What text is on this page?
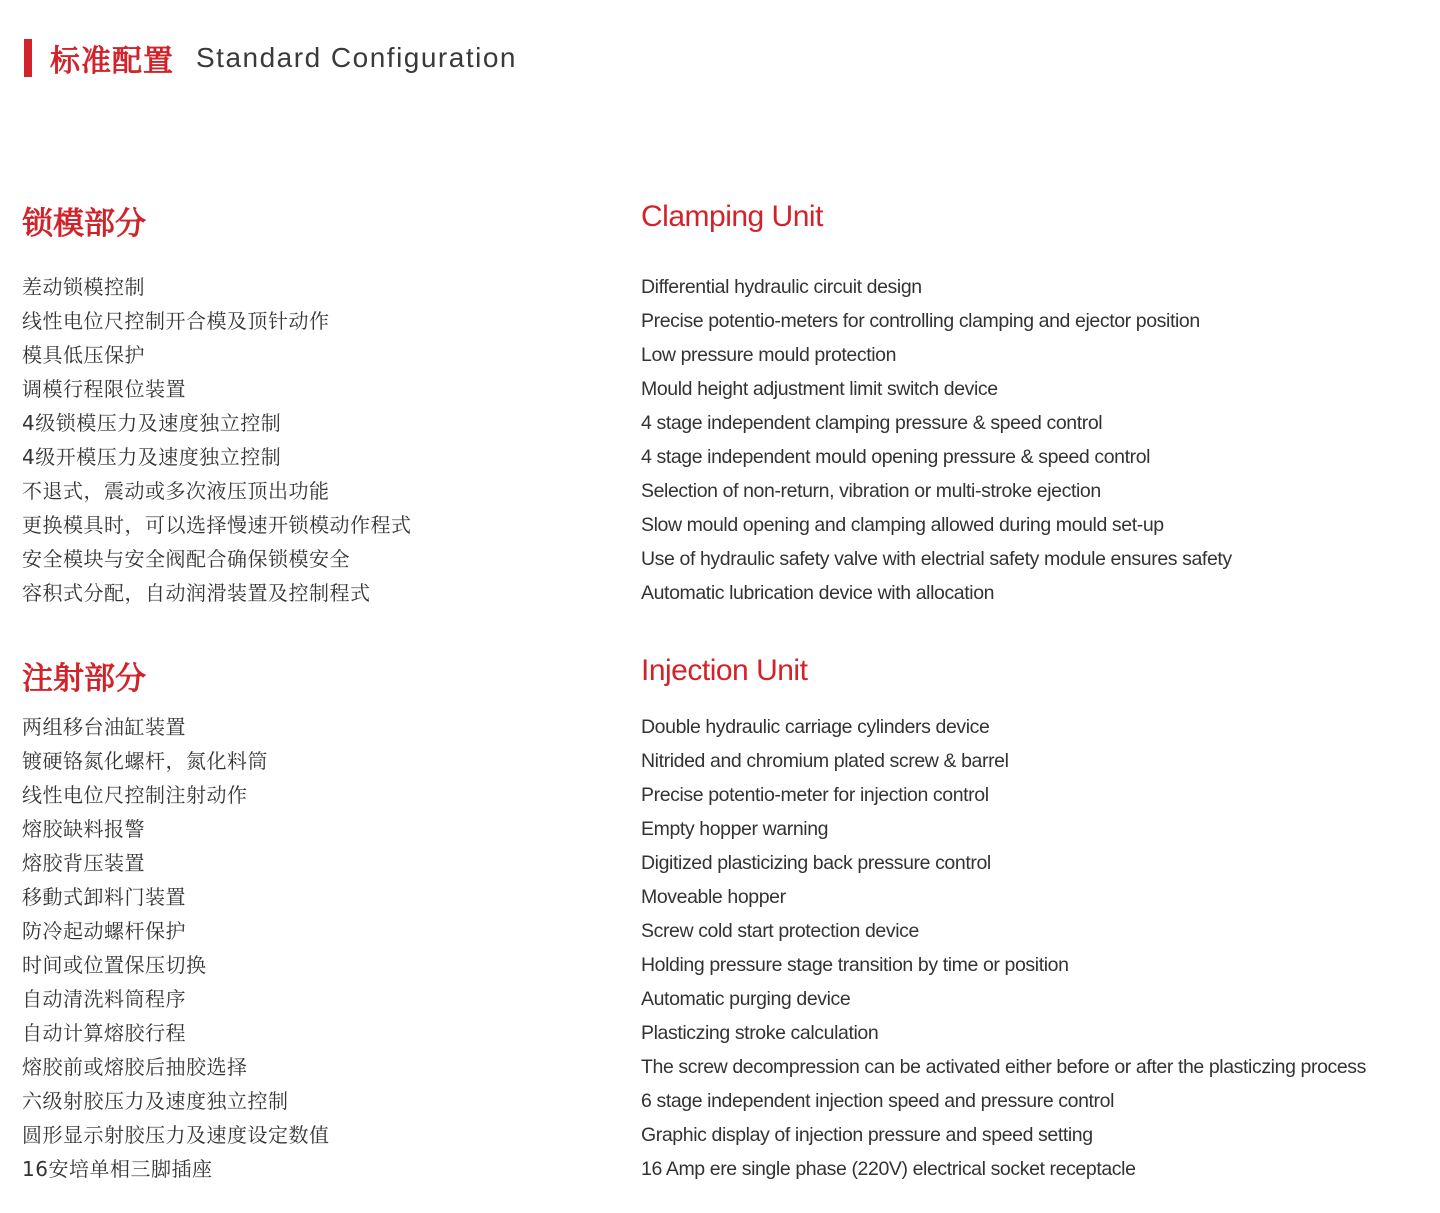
标准配置 Standard Configuration
锁模部分	Clamping Unit
差动锁模控制
线性电位尺控制开合模及顶针动作
模具低压保护
调模行程限位装置
4级锁模压力及速度独立控制
4级开模压力及速度独立控制
不退式，震动或多次液压顶出功能
更换模具时，可以选择慢速开锁模动作程式
安全模块与安全阀配合确保锁模安全
容积式分配，自动润滑装置及控制程式
Differential hydraulic circuit design
Precise potentio-meters for controlling clamping and ejector position
Low pressure mould protection
Mould height adjustment limit switch device
4 stage independent clamping pressure & speed control
4 stage independent mould opening pressure & speed control
Selection of non-return, vibration or multi-stroke ejection
Slow mould opening and clamping allowed during mould set-up
Use of hydraulic safety valve with electrial safety module ensures safety
Automatic lubrication device with allocation
注射部分	Injection Unit
两组移台油缸装置
镀硬铬氮化螺杆，氮化料筒
线性电位尺控制注射动作
熔胶缺料报警
熔胶背压装置
移動式卸料门装置
防冷起动螺杆保护
时间或位置保压切换
自动清洗料筒程序
自动计算熔胶行程
熔胶前或熔胶后抽胶选择
六级射胶压力及速度独立控制
圆形显示射胶压力及速度设定数值
16安培单相三脚插座
Double hydraulic carriage cylinders device
Nitrided and chromium plated screw & barrel
Precise potentio-meter for injection control
Empty hopper warning
Digitized plasticizing back pressure control
Moveable hopper
Screw cold start protection device
Holding pressure stage transition by time or position
Automatic purging device
Plasticzing stroke calculation
The screw decompression can be activated either before or after the plasticzing process
6 stage independent injection speed and pressure control
Graphic display of injection pressure and speed setting
16 Amp ere single phase (220V) electrical socket receptacle
